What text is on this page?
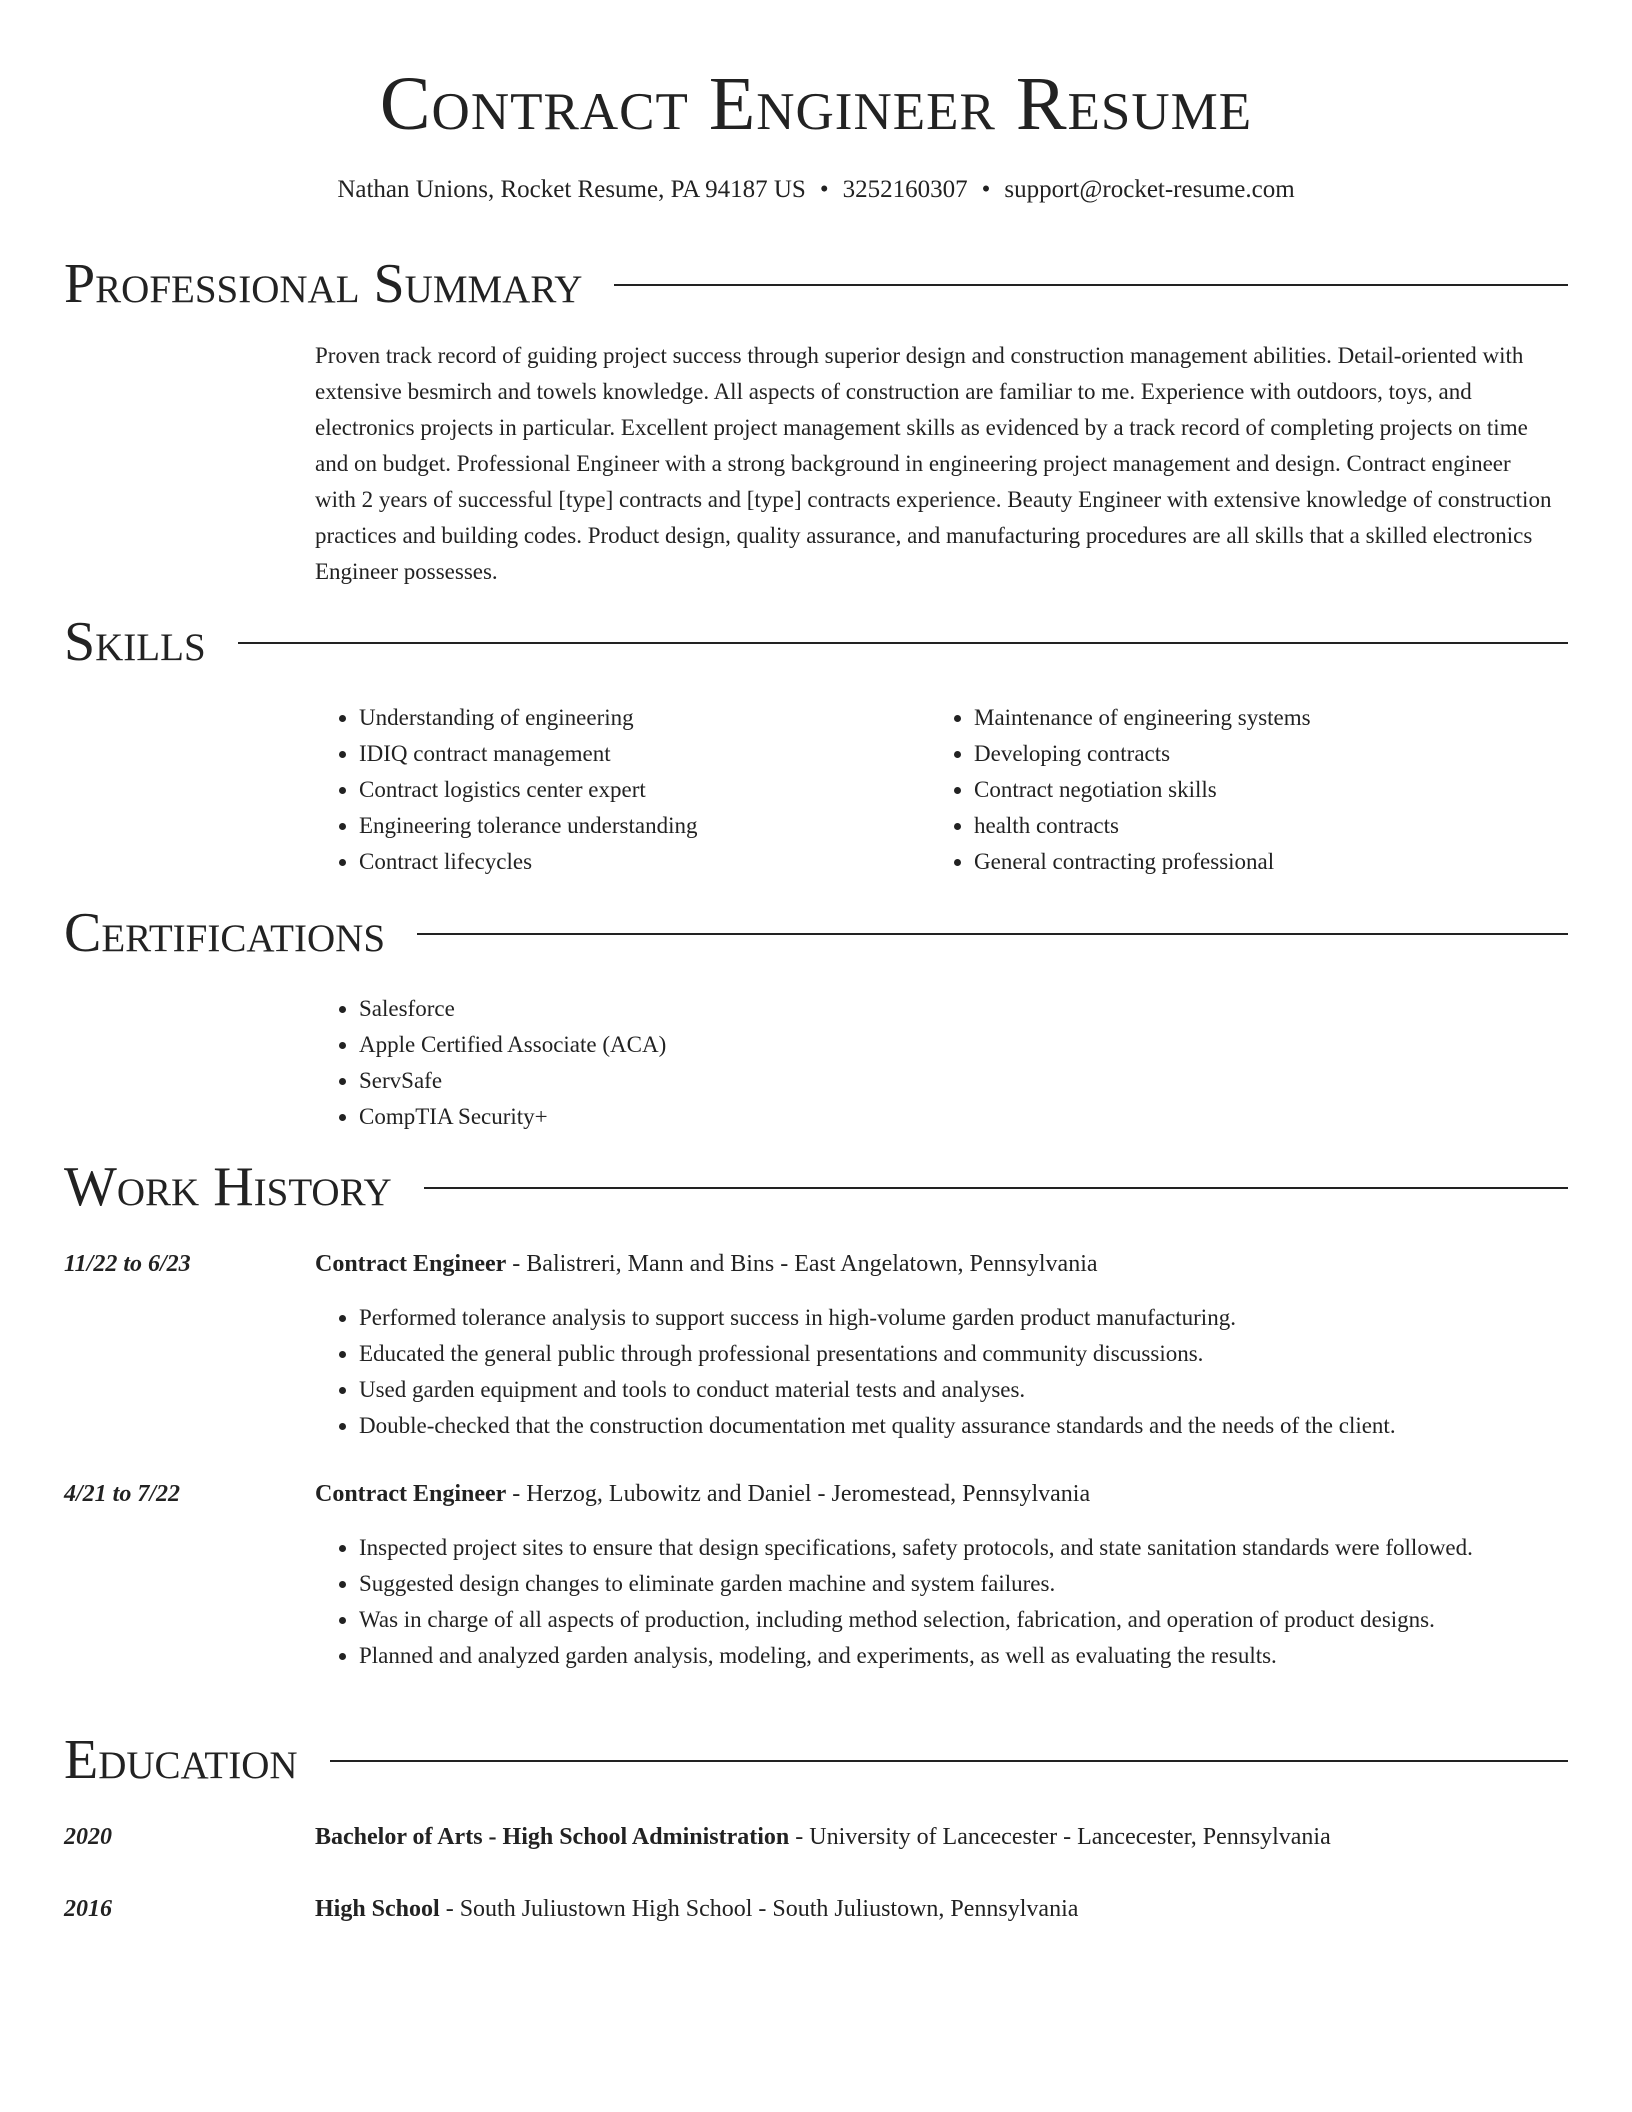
Contract Engineer Resume
Nathan Unions, Rocket Resume, PA 94187 US • 3252160307 • support@rocket-resume.com
Professional Summary
Proven track record of guiding project success through superior design and construction management abilities. Detail-oriented with extensive besmirch and towels knowledge. All aspects of construction are familiar to me. Experience with outdoors, toys, and electronics projects in particular. Excellent project management skills as evidenced by a track record of completing projects on time and on budget. Professional Engineer with a strong background in engineering project management and design. Contract engineer with 2 years of successful [type] contracts and [type] contracts experience. Beauty Engineer with extensive knowledge of construction practices and building codes. Product design, quality assurance, and manufacturing procedures are all skills that a skilled electronics Engineer possesses.
Skills
• Understanding of engineering
• IDIQ contract management
• Contract logistics center expert
• Engineering tolerance understanding
• Contract lifecycles
• Maintenance of engineering systems
• Developing contracts
• Contract negotiation skills
• health contracts
• General contracting professional
Certifications
• Salesforce
• Apple Certified Associate (ACA)
• ServSafe
• CompTIA Security+
Work History
11/22 to 6/23	Contract Engineer - Balistreri, Mann and Bins - East Angelatown, Pennsylvania
• Performed tolerance analysis to support success in high-volume garden product manufacturing.
• Educated the general public through professional presentations and community discussions.
• Used garden equipment and tools to conduct material tests and analyses.
• Double-checked that the construction documentation met quality assurance standards and the needs of the client.
4/21 to 7/22	Contract Engineer - Herzog, Lubowitz and Daniel - Jeromestead, Pennsylvania
• Inspected project sites to ensure that design specifications, safety protocols, and state sanitation standards were followed.
• Suggested design changes to eliminate garden machine and system failures.
• Was in charge of all aspects of production, including method selection, fabrication, and operation of product designs.
• Planned and analyzed garden analysis, modeling, and experiments, as well as evaluating the results.
Education
2020	Bachelor of Arts - High School Administration - University of Lancecester - Lancecester, Pennsylvania
2016	High School - South Juliustown High School - South Juliustown, Pennsylvania
